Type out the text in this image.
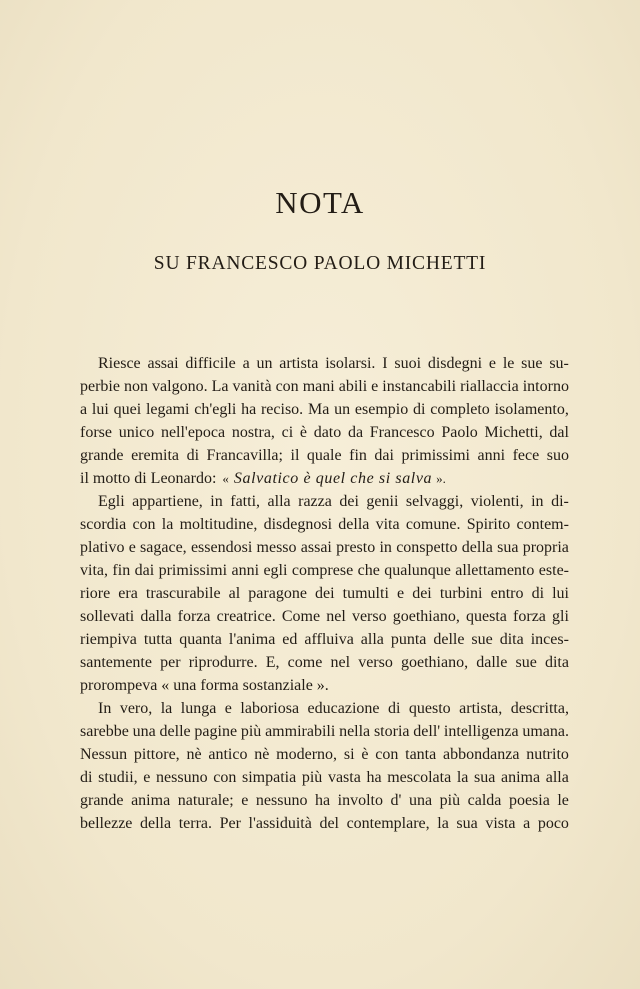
NOTA
SU FRANCESCO PAOLO MICHETTI
Riesce assai difficile a un artista isolarsi. I suoi disdegni e le sue su-
perbie non valgono. La vanità con mani abili e instancabili riallaccia intorno
a lui quei legami ch'egli ha reciso. Ma un esempio di completo isolamento,
forse unico nell'epoca nostra, ci è dato da Francesco Paolo Michetti, dal
grande eremita di Francavilla; il quale fin dai primissimi anni fece suo
il motto di Leonardo: « Salvatico è quel che si salva ».
Egli appartiene, in fatti, alla razza dei genii selvaggi, violenti, in di-
scordia con la moltitudine, disdegnosi della vita comune. Spirito contem-
plativo e sagace, essendosi messo assai presto in conspetto della sua propria
vita, fin dai primissimi anni egli comprese che qualunque allettamento este-
riore era trascurabile al paragone dei tumulti e dei turbini entro di lui
sollevati dalla forza creatrice. Come nel verso goethiano, questa forza gli
riempiva tutta quanta l'anima ed affluiva alla punta delle sue dita inces-
santemente per riprodurre. E, come nel verso goethiano, dalle sue dita
prorompeva « una forma sostanziale ».
In vero, la lunga e laboriosa educazione di questo artista, descritta,
sarebbe una delle pagine più ammirabili nella storia dell' intelligenza umana.
Nessun pittore, nè antico nè moderno, si è con tanta abbondanza nutrito
di studii, e nessuno con simpatia più vasta ha mescolata la sua anima alla
grande anima naturale; e nessuno ha involto d' una più calda poesia le
bellezze della terra. Per l'assiduità del contemplare, la sua vista a poco
